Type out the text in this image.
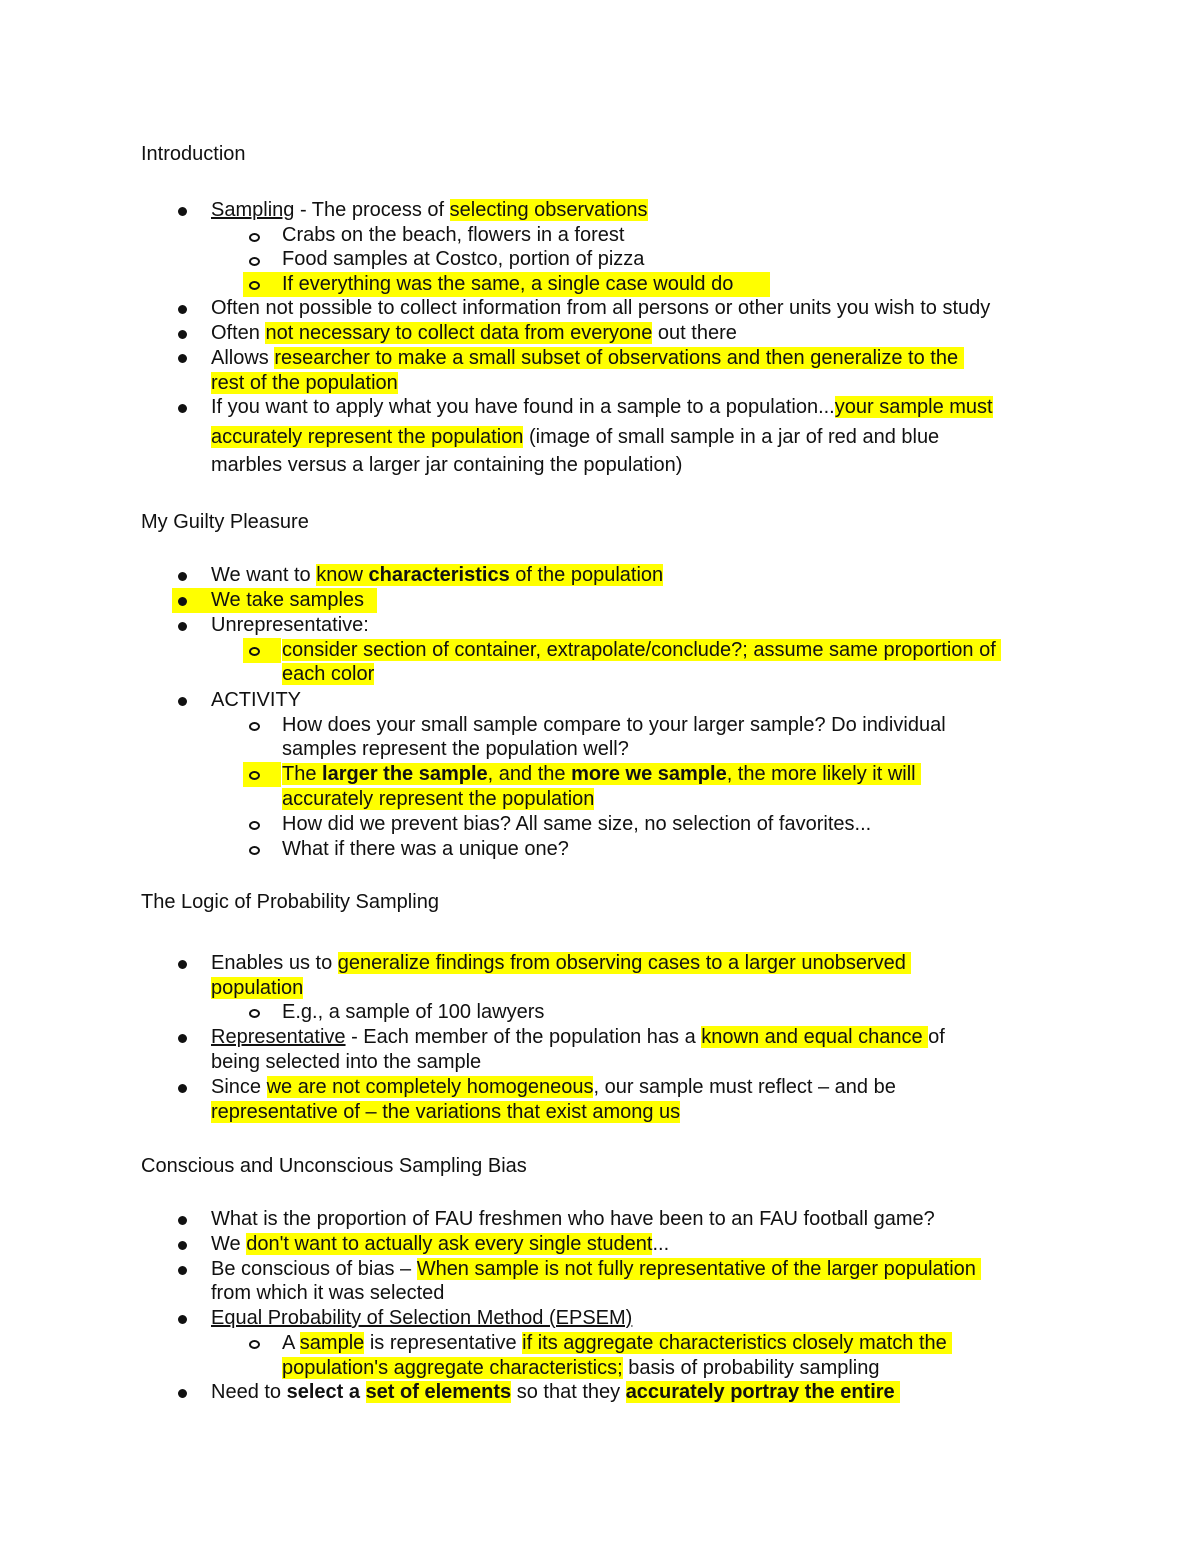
Introduction
Sampling - The process of selecting observations
Crabs on the beach, flowers in a forest
Food samples at Costco, portion of pizza
If everything was the same, a single case would do
Often not possible to collect information from all persons or other units you wish to study
Often not necessary to collect data from everyone out there
Allows researcher to make a small subset of observations and then generalize to the
rest of the population
If you want to apply what you have found in a sample to a population...your sample must
accurately represent the population (image of small sample in a jar of red and blue
marbles versus a larger jar containing the population)
My Guilty Pleasure
We want to know characteristics of the population
We take samples
Unrepresentative:
consider section of container, extrapolate/conclude?; assume same proportion of
each color
ACTIVITY
How does your small sample compare to your larger sample? Do individual
samples represent the population well?
The larger the sample, and the more we sample, the more likely it will
accurately represent the population
How did we prevent bias? All same size, no selection of favorites...
What if there was a unique one?
The Logic of Probability Sampling
Enables us to generalize findings from observing cases to a larger unobserved
population
E.g., a sample of 100 lawyers
Representative - Each member of the population has a known and equal chance of
being selected into the sample
Since we are not completely homogeneous, our sample must reflect – and be
representative of – the variations that exist among us
Conscious and Unconscious Sampling Bias
What is the proportion of FAU freshmen who have been to an FAU football game?
We don't want to actually ask every single student...
Be conscious of bias – When sample is not fully representative of the larger population
from which it was selected
Equal Probability of Selection Method (EPSEM)
A sample is representative if its aggregate characteristics closely match the
population's aggregate characteristics; basis of probability sampling
Need to select a set of elements so that they accurately portray the entire
